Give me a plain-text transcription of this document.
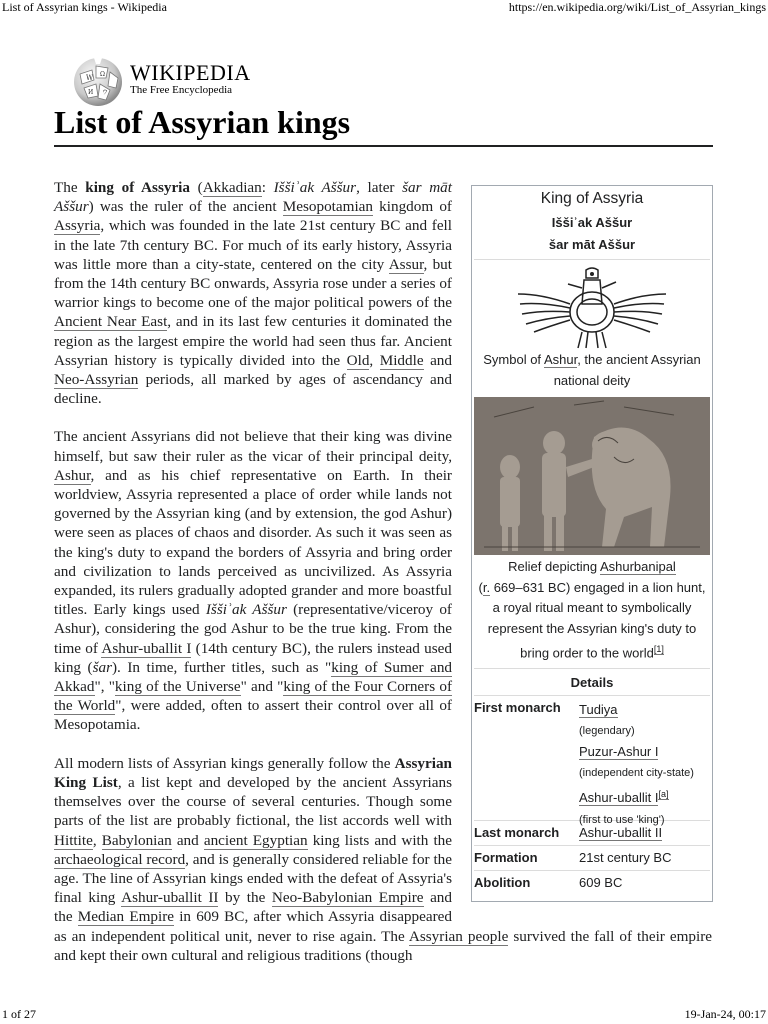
List of Assyrian kings - Wikipedia	https://en.wikipedia.org/wiki/List_of_Assyrian_kings
W Ω
И ウ
WIKIPEDIA
The Free Encyclopedia
List of Assyrian kings
King of Assyria
Iššiʾak Aššur
šar māt Aššur
Symbol of Ashur, the ancient Assyrian national deity
Relief depicting Ashurbanipal
(r. 669–631 BC) engaged in a lion hunt, a royal ritual meant to symbolically represent the Assyrian king's duty to bring order to the world[1]
Details
First monarch Tudiya
(legendary)
Puzur-Ashur I
(independent city-state)
Ashur-uballit I[a]
(first to use 'king')
Last monarch Ashur-uballit II
Formation	21st century BC
Abolition	609 BC

The king of Assyria (Akkadian: Iššiʾak Aššur, later šar māt Aššur) was the ruler of the ancient Mesopotamian kingdom of Assyria, which was founded in the late 21st century BC and fell in the late 7th century BC. For much of its early history, Assyria was little more than a city-state, centered on the city Assur, but from the 14th century BC onwards, Assyria rose under a series of warrior kings to become one of the major political powers of the Ancient Near East, and in its last few centuries it dominated the region as the largest empire the world had seen thus far. Ancient Assyrian history is typically divided into the Old, Middle and Neo-Assyrian periods, all marked by ages of ascendancy and decline.

The ancient Assyrians did not believe that their king was divine himself, but saw their ruler as the vicar of their principal deity, Ashur, and as his chief representative on Earth. In their worldview, Assyria represented a place of order while lands not governed by the Assyrian king (and by extension, the god Ashur) were seen as places of chaos and disorder. As such it was seen as the king's duty to expand the borders of Assyria and bring order and civilization to lands perceived as uncivilized. As Assyria expanded, its rulers gradually adopted grander and more boastful titles. Early kings used Iššiʾak Aššur (representative/viceroy of Ashur), considering the god Ashur to be the true king. From the time of Ashur-uballit I (14th century BC), the rulers instead used king (šar). In time, further titles, such as "king of Sumer and Akkad", "king of the Universe" and "king of the Four Corners of the World", were added, often to assert their control over all of Mesopotamia.

All modern lists of Assyrian kings generally follow the Assyrian King List, a list kept and developed by the ancient Assyrians themselves over the course of several centuries. Though some parts of the list are probably fictional, the list accords well with Hittite, Babylonian and ancient Egyptian king lists and with the archaeological record, and is generally considered reliable for the age. The line of Assyrian kings ended with the defeat of Assyria's final king Ashur-uballit II by the Neo-Babylonian Empire and the Median Empire in 609 BC, after which Assyria disappeared as an independent political unit, never to rise again. The Assyrian people survived the fall of their empire and kept their own cultural and religious traditions (though

1 of 27	19-Jan-24, 00:17
